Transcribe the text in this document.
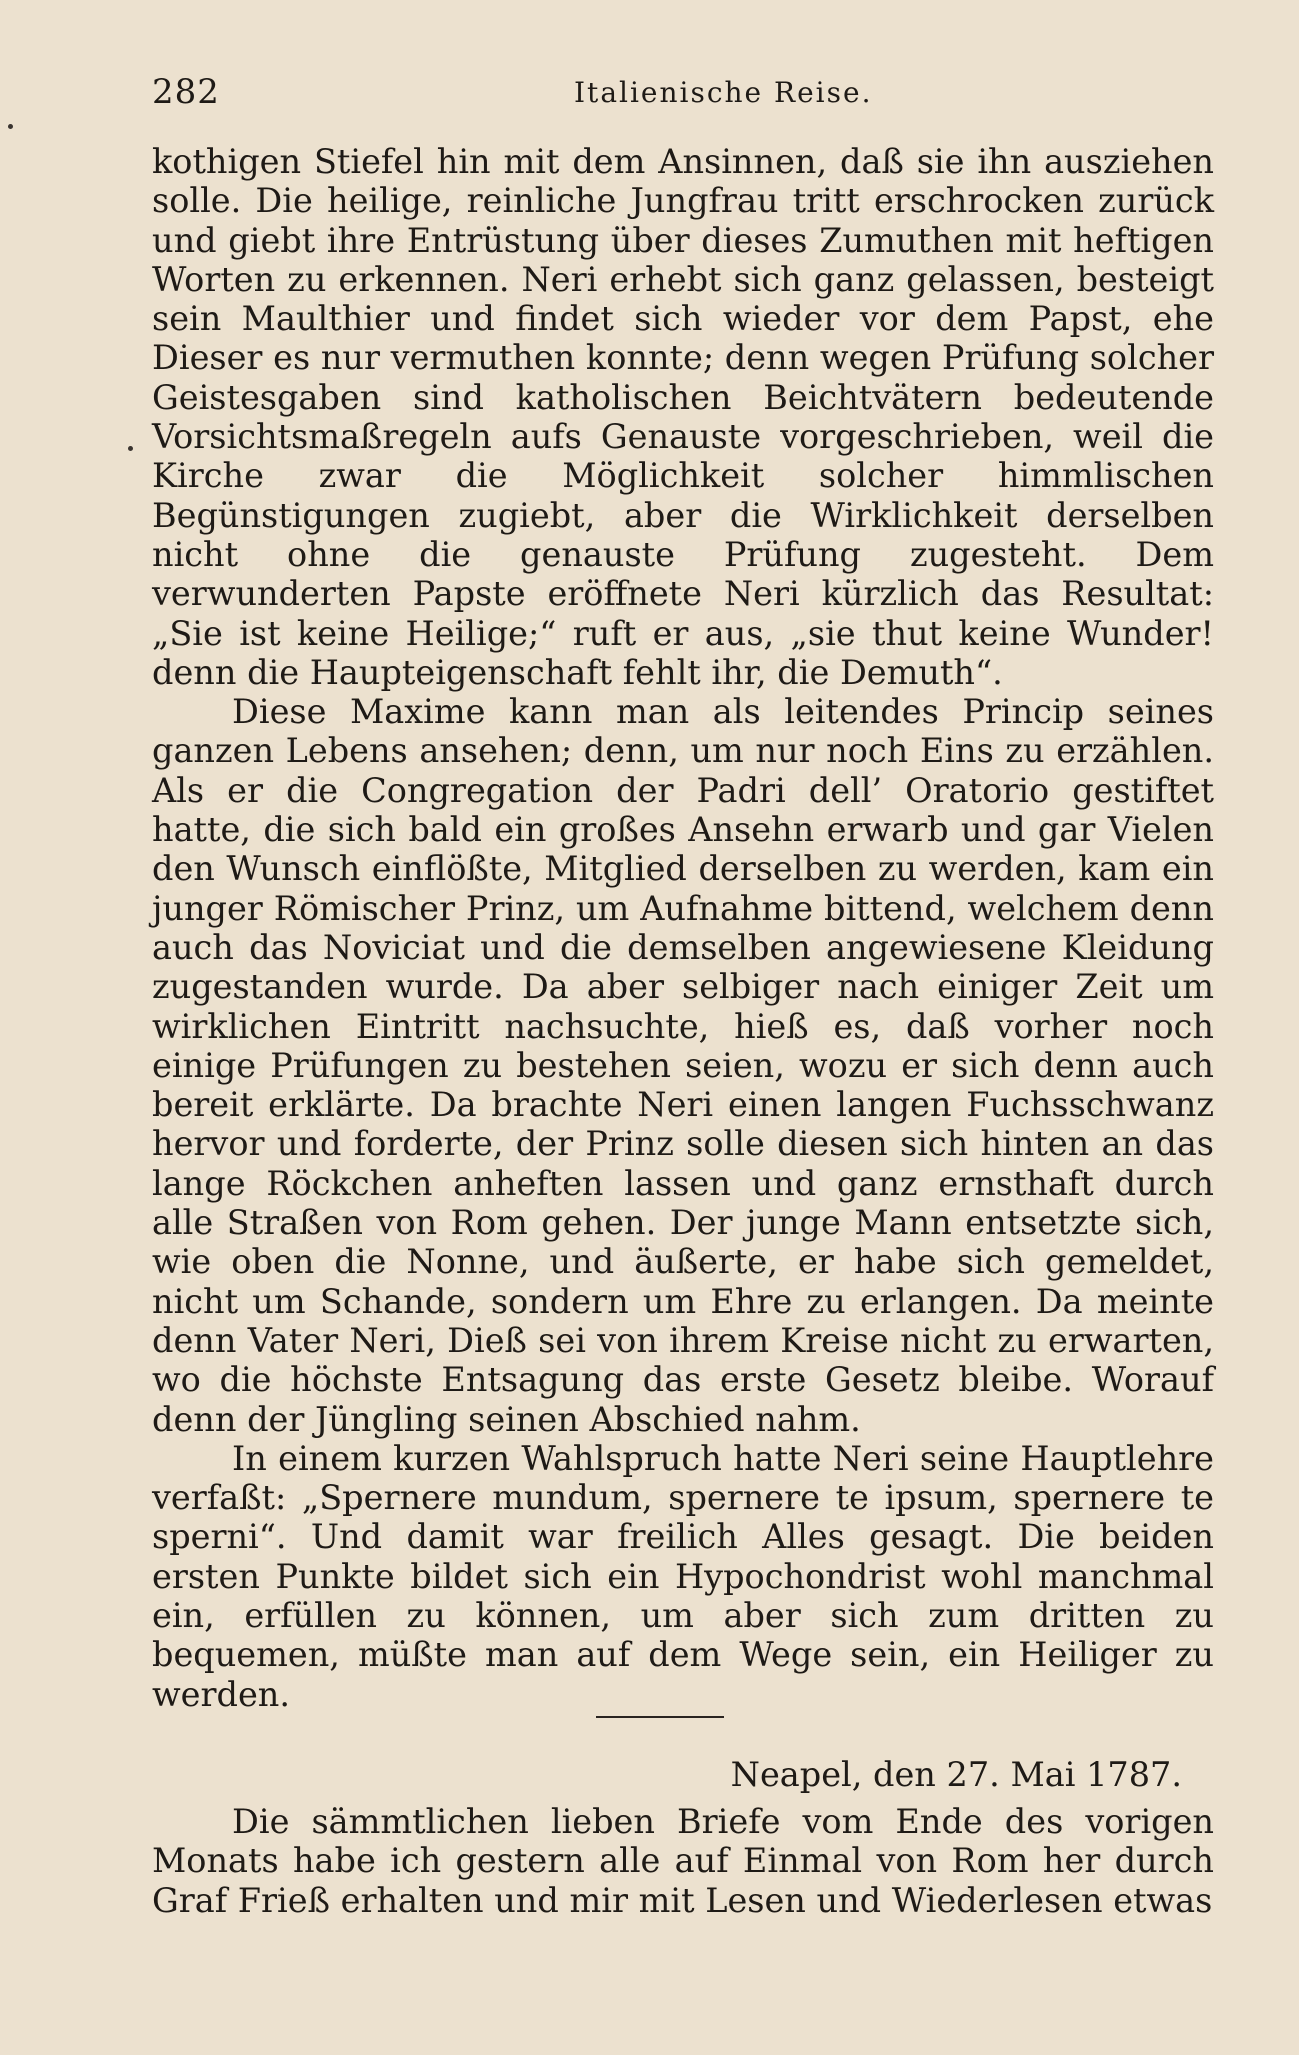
282	Italienische Reise.

kothigen Stiefel hin mit dem Ansinnen, daß sie ihn ausziehen solle. Die heilige, reinliche Jungfrau tritt erschrocken zurück und giebt ihre Entrüstung über dieses Zumuthen mit heftigen Worten zu erkennen. Neri erhebt sich ganz gelassen, besteigt sein Maulthier und findet sich wieder vor dem Papst, ehe Dieser es nur vermuthen konnte; denn wegen Prüfung solcher Geistesgaben sind katholischen Beichtvätern bedeutende Vorsichtsmaßregeln aufs Genauste vorgeschrieben, weil die Kirche zwar die Möglichkeit solcher himmlischen Begünstigungen zugiebt, aber die Wirklichkeit derselben nicht ohne die genauste Prüfung zugesteht. Dem verwunderten Papste eröffnete Neri kürzlich das Resultat: „Sie ist keine Heilige;“ ruft er aus, „sie thut keine Wunder! denn die Haupteigenschaft fehlt ihr, die Demuth“.

Diese Maxime kann man als leitendes Princip seines ganzen Lebens ansehen; denn, um nur noch Eins zu erzählen. Als er die Congregation der Padri dell’ Oratorio gestiftet hatte, die sich bald ein großes Ansehn erwarb und gar Vielen den Wunsch einflößte, Mitglied derselben zu werden, kam ein junger Römischer Prinz, um Aufnahme bittend, welchem denn auch das Noviciat und die demselben angewiesene Kleidung zugestanden wurde. Da aber selbiger nach einiger Zeit um wirklichen Eintritt nachsuchte, hieß es, daß vorher noch einige Prüfungen zu bestehen seien, wozu er sich denn auch bereit erklärte. Da brachte Neri einen langen Fuchsschwanz hervor und forderte, der Prinz solle diesen sich hinten an das lange Röckchen anheften lassen und ganz ernsthaft durch alle Straßen von Rom gehen. Der junge Mann entsetzte sich, wie oben die Nonne, und äußerte, er habe sich gemeldet, nicht um Schande, sondern um Ehre zu erlangen. Da meinte denn Vater Neri, Dieß sei von ihrem Kreise nicht zu erwarten, wo die höchste Entsagung das erste Gesetz bleibe. Worauf denn der Jüngling seinen Abschied nahm.

In einem kurzen Wahlspruch hatte Neri seine Hauptlehre verfaßt: „Spernere mundum, spernere te ipsum, spernere te sperni“. Und damit war freilich Alles gesagt. Die beiden ersten Punkte bildet sich ein Hypochondrist wohl manchmal ein, erfüllen zu können, um aber sich zum dritten zu bequemen, müßte man auf dem Wege sein, ein Heiliger zu werden.

Neapel, den 27. Mai 1787.

Die sämmtlichen lieben Briefe vom Ende des vorigen Monats habe ich gestern alle auf Einmal von Rom her durch Graf Frieß erhalten und mir mit Lesen und Wiederlesen etwas
